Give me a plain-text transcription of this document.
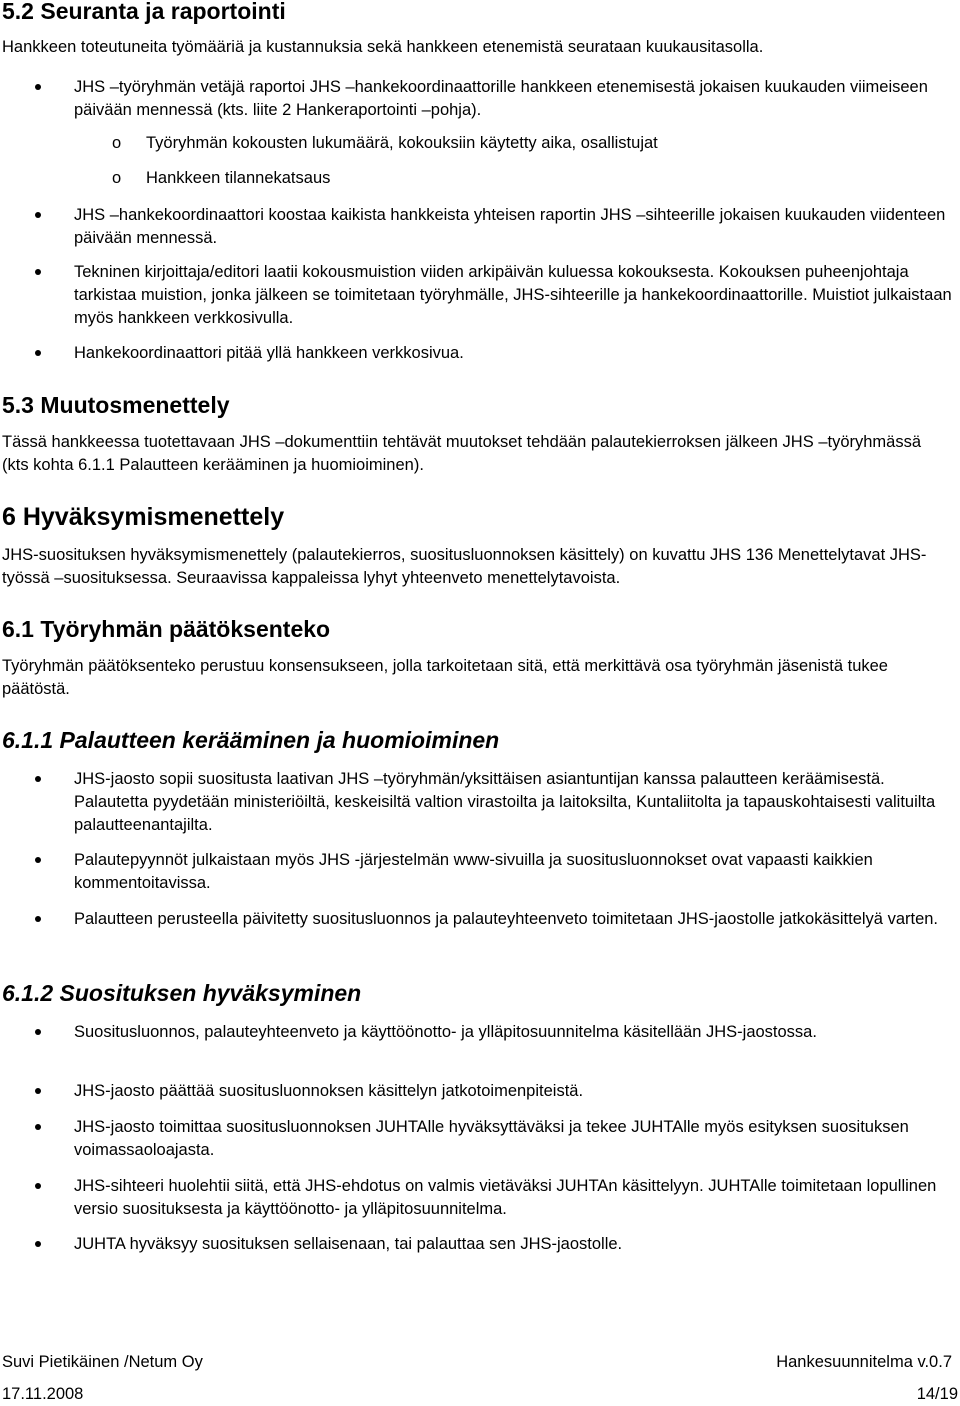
5.2 Seuranta ja raportointi

Hankkeen toteutuneita työmääriä ja kustannuksia sekä hankkeen etenemistä seurataan kuukausitasolla.

JHS –työryhmän vetäjä raportoi JHS –hankekoordinaattorille hankkeen etenemisestä jokaisen kuukauden viimeiseen päivään mennessä (kts. liite 2 Hankeraportointi –pohja).

o Työryhmän kokousten lukumäärä, kokouksiin käytetty aika, osallistujat
o Hankkeen tilannekatsaus

JHS –hankekoordinaattori koostaa kaikista hankkeista yhteisen raportin JHS –sihteerille jokaisen kuukauden viidenteen päivään mennessä.

Tekninen kirjoittaja/editori laatii kokousmuistion viiden arkipäivän kuluessa kokouksesta. Kokouksen puheenjohtaja tarkistaa muistion, jonka jälkeen se toimitetaan työryhmälle, JHS-sihteerille ja hankekoordinaattorille. Muistiot julkaistaan myös hankkeen verkkosivulla.

Hankekoordinaattori pitää yllä hankkeen verkkosivua.

5.3 Muutosmenettely

Tässä hankkeessa tuotettavaan JHS –dokumenttiin tehtävät muutokset tehdään palautekierroksen jälkeen JHS –työryhmässä (kts kohta 6.1.1 Palautteen kerääminen ja huomioiminen).

6 Hyväksymismenettely

JHS-suosituksen hyväksymismenettely (palautekierros, suositusluonnoksen käsittely) on kuvattu JHS 136 Menettelytavat JHS-työssä –suosituksessa. Seuraavissa kappaleissa lyhyt yhteenveto menettelytavoista.

6.1 Työryhmän päätöksenteko

Työryhmän päätöksenteko perustuu konsensukseen, jolla tarkoitetaan sitä, että merkittävä osa työryhmän jäsenistä tukee päätöstä.

6.1.1 Palautteen kerääminen ja huomioiminen

JHS-jaosto sopii suositusta laativan JHS –työryhmän/yksittäisen asiantuntijan kanssa palautteen keräämisestä. Palautetta pyydetään ministeriöiltä, keskeisiltä valtion virastoilta ja laitoksilta, Kuntaliitolta ja tapauskohtaisesti valituilta palautteenantajilta.

Palautepyynnöt julkaistaan myös JHS -järjestelmän www-sivuilla ja suositusluonnokset ovat vapaasti kaikkien kommentoitavissa.

Palautteen perusteella päivitetty suositusluonnos ja palauteyhteenveto toimitetaan JHS-jaostolle jatkokäsittelyä varten.

6.1.2 Suosituksen hyväksyminen

Suositusluonnos, palauteyhteenveto ja käyttöönotto- ja ylläpitosuunnitelma käsitellään JHS-jaostossa.

JHS-jaosto päättää suositusluonnoksen käsittelyn jatkotoimenpiteistä.

JHS-jaosto toimittaa suositusluonnoksen JUHTAlle hyväksyttäväksi ja tekee JUHTAlle myös esityksen suosituksen voimassaoloajasta.

JHS-sihteeri huolehtii siitä, että JHS-ehdotus on valmis vietäväksi JUHTAn käsittelyyn. JUHTAlle toimitetaan lopullinen versio suosituksesta ja käyttöönotto- ja ylläpitosuunnitelma.

JUHTA hyväksyy suosituksen sellaisenaan, tai palauttaa sen JHS-jaostolle.

Suvi Pietikäinen /Netum Oy	Hankesuunnitelma v.0.7
17.11.2008	14/19
